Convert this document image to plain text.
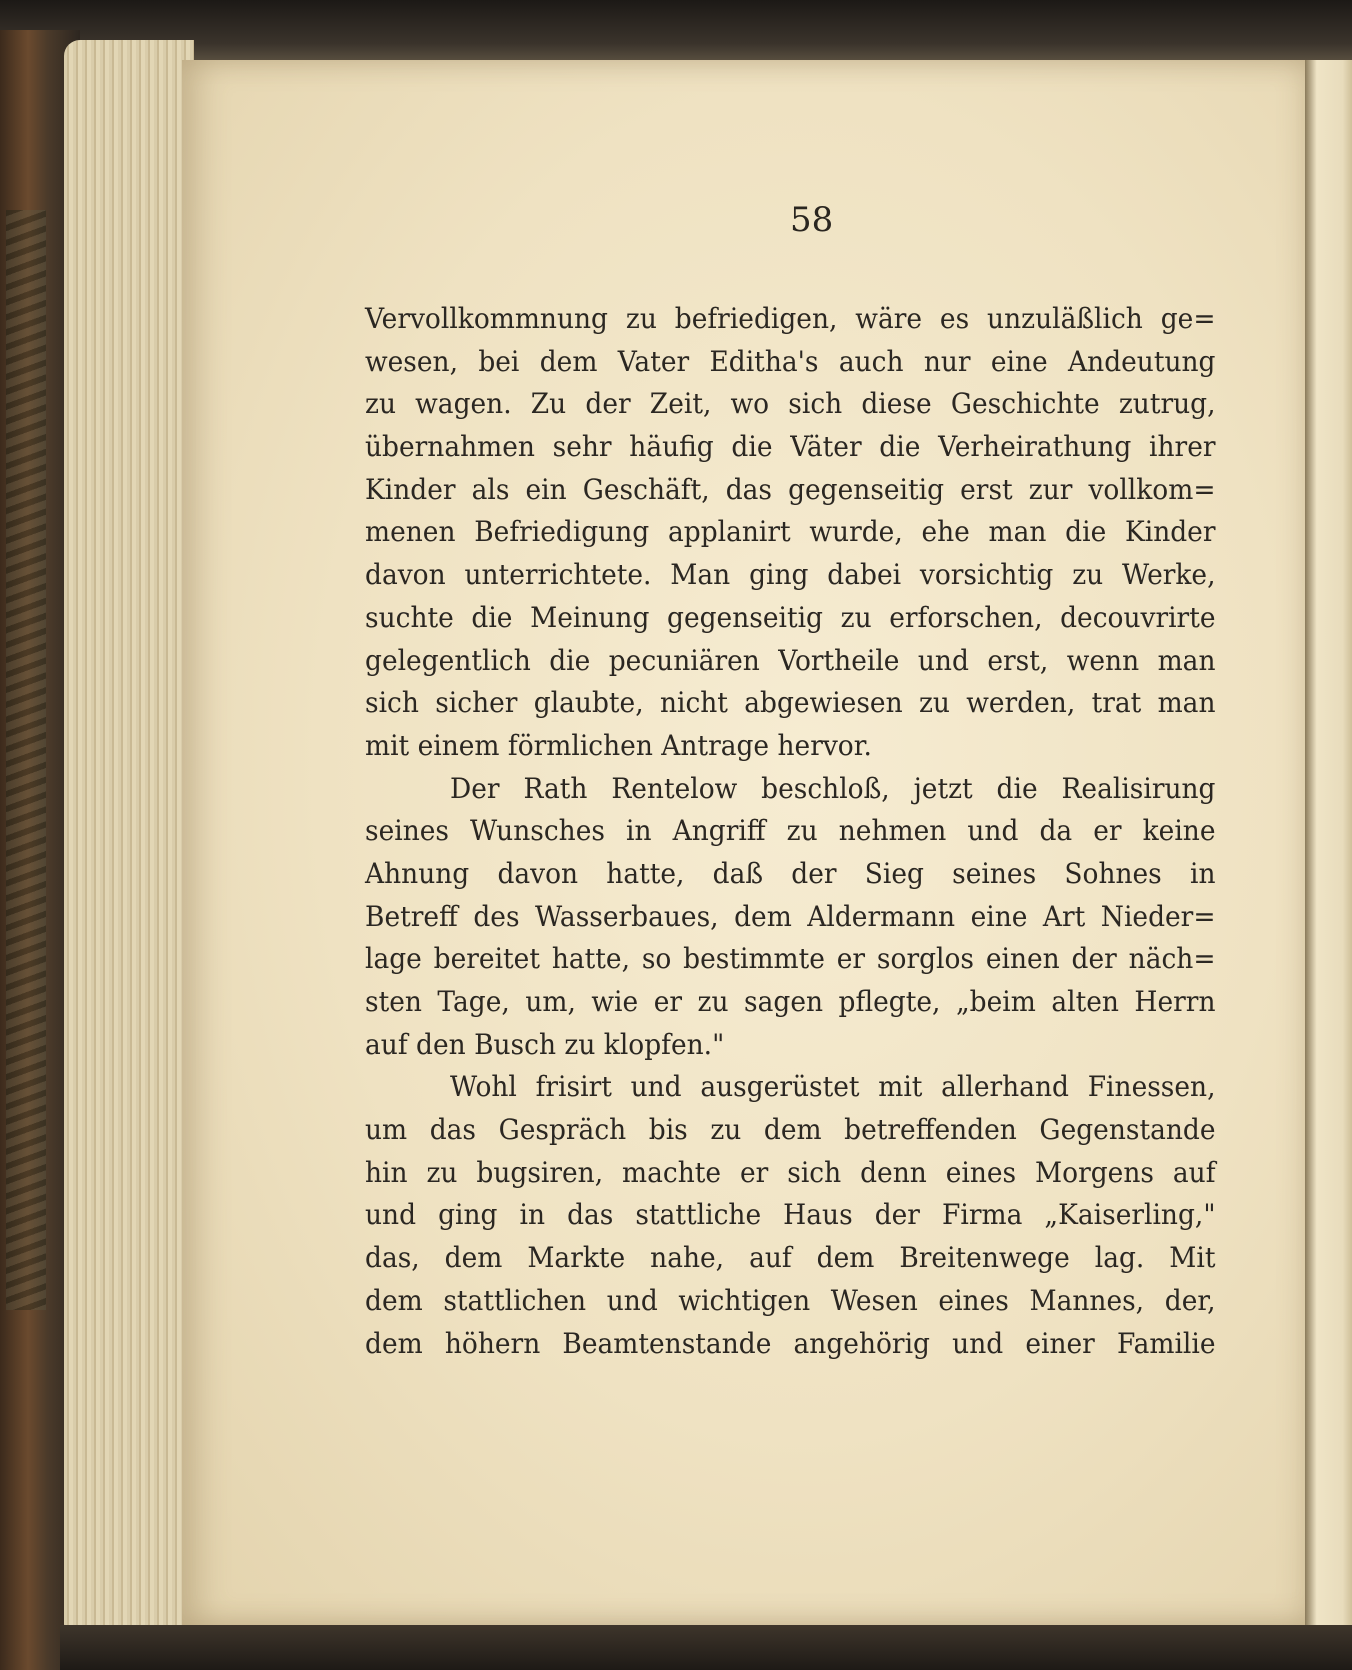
58
Vervollkommnung zu befriedigen, wäre es unzuläßlich ge=
wesen, bei dem Vater Editha's auch nur eine Andeutung
zu wagen. Zu der Zeit, wo sich diese Geschichte zutrug,
übernahmen sehr häufig die Väter die Verheirathung ihrer
Kinder als ein Geschäft, das gegenseitig erst zur vollkom=
menen Befriedigung applanirt wurde, ehe man die Kinder
davon unterrichtete. Man ging dabei vorsichtig zu Werke,
suchte die Meinung gegenseitig zu erforschen, decouvrirte
gelegentlich die pecuniären Vortheile und erst, wenn man
sich sicher glaubte, nicht abgewiesen zu werden, trat man
mit einem förmlichen Antrage hervor.
Der Rath Rentelow beschloß, jetzt die Realisirung
seines Wunsches in Angriff zu nehmen und da er keine
Ahnung davon hatte, daß der Sieg seines Sohnes in
Betreff des Wasserbaues, dem Aldermann eine Art Nieder=
lage bereitet hatte, so bestimmte er sorglos einen der näch=
sten Tage, um, wie er zu sagen pflegte, „beim alten Herrn
auf den Busch zu klopfen."
Wohl frisirt und ausgerüstet mit allerhand Finessen,
um das Gespräch bis zu dem betreffenden Gegenstande
hin zu bugsiren, machte er sich denn eines Morgens auf
und ging in das stattliche Haus der Firma „Kaiserling,"
das, dem Markte nahe, auf dem Breitenwege lag. Mit
dem stattlichen und wichtigen Wesen eines Mannes, der,
dem höhern Beamtenstande angehörig und einer Familie
